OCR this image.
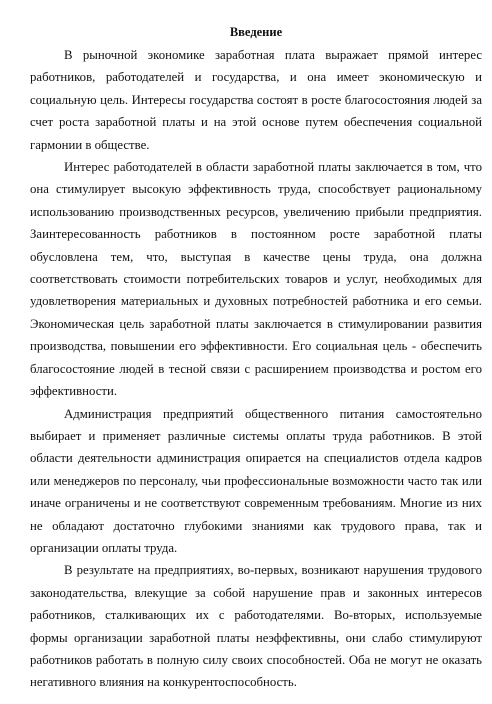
Введение

В рыночной экономике заработная плата выражает прямой интерес работников, работодателей и государства, и она имеет экономическую и социальную цель. Интересы государства состоят в росте благосостояния людей за счет роста заработной платы и на этой основе путем обеспечения социальной гармонии в обществе.

Интерес работодателей в области заработной платы заключается в том, что она стимулирует высокую эффективность труда, способствует рациональному использованию производственных ресурсов, увеличению прибыли предприятия. Заинтересованность работников в постоянном росте заработной платы обусловлена тем, что, выступая в качестве цены труда, она должна соответствовать стоимости потребительских товаров и услуг, необходимых для удовлетворения материальных и духовных потребностей работника и его семьи. Экономическая цель заработной платы заключается в стимулировании развития производства, повышении его эффективности. Его социальная цель - обеспечить благосостояние людей в тесной связи с расширением производства и ростом его эффективности.

Администрация предприятий общественного питания самостоятельно выбирает и применяет различные системы оплаты труда работников. В этой области деятельности администрация опирается на специалистов отдела кадров или менеджеров по персоналу, чьи профессиональные возможности часто так или иначе ограничены и не соответствуют современным требованиям. Многие из них не обладают достаточно глубокими знаниями как трудового права, так и организации оплаты труда.

В результате на предприятиях, во-первых, возникают нарушения трудового законодательства, влекущие за собой нарушение прав и законных интересов работников, сталкивающих их с работодателями. Во-вторых, используемые формы организации заработной платы неэффективны, они слабо стимулируют работников работать в полную силу своих способностей. Оба не могут не оказать негативного влияния на конкурентоспособность.
